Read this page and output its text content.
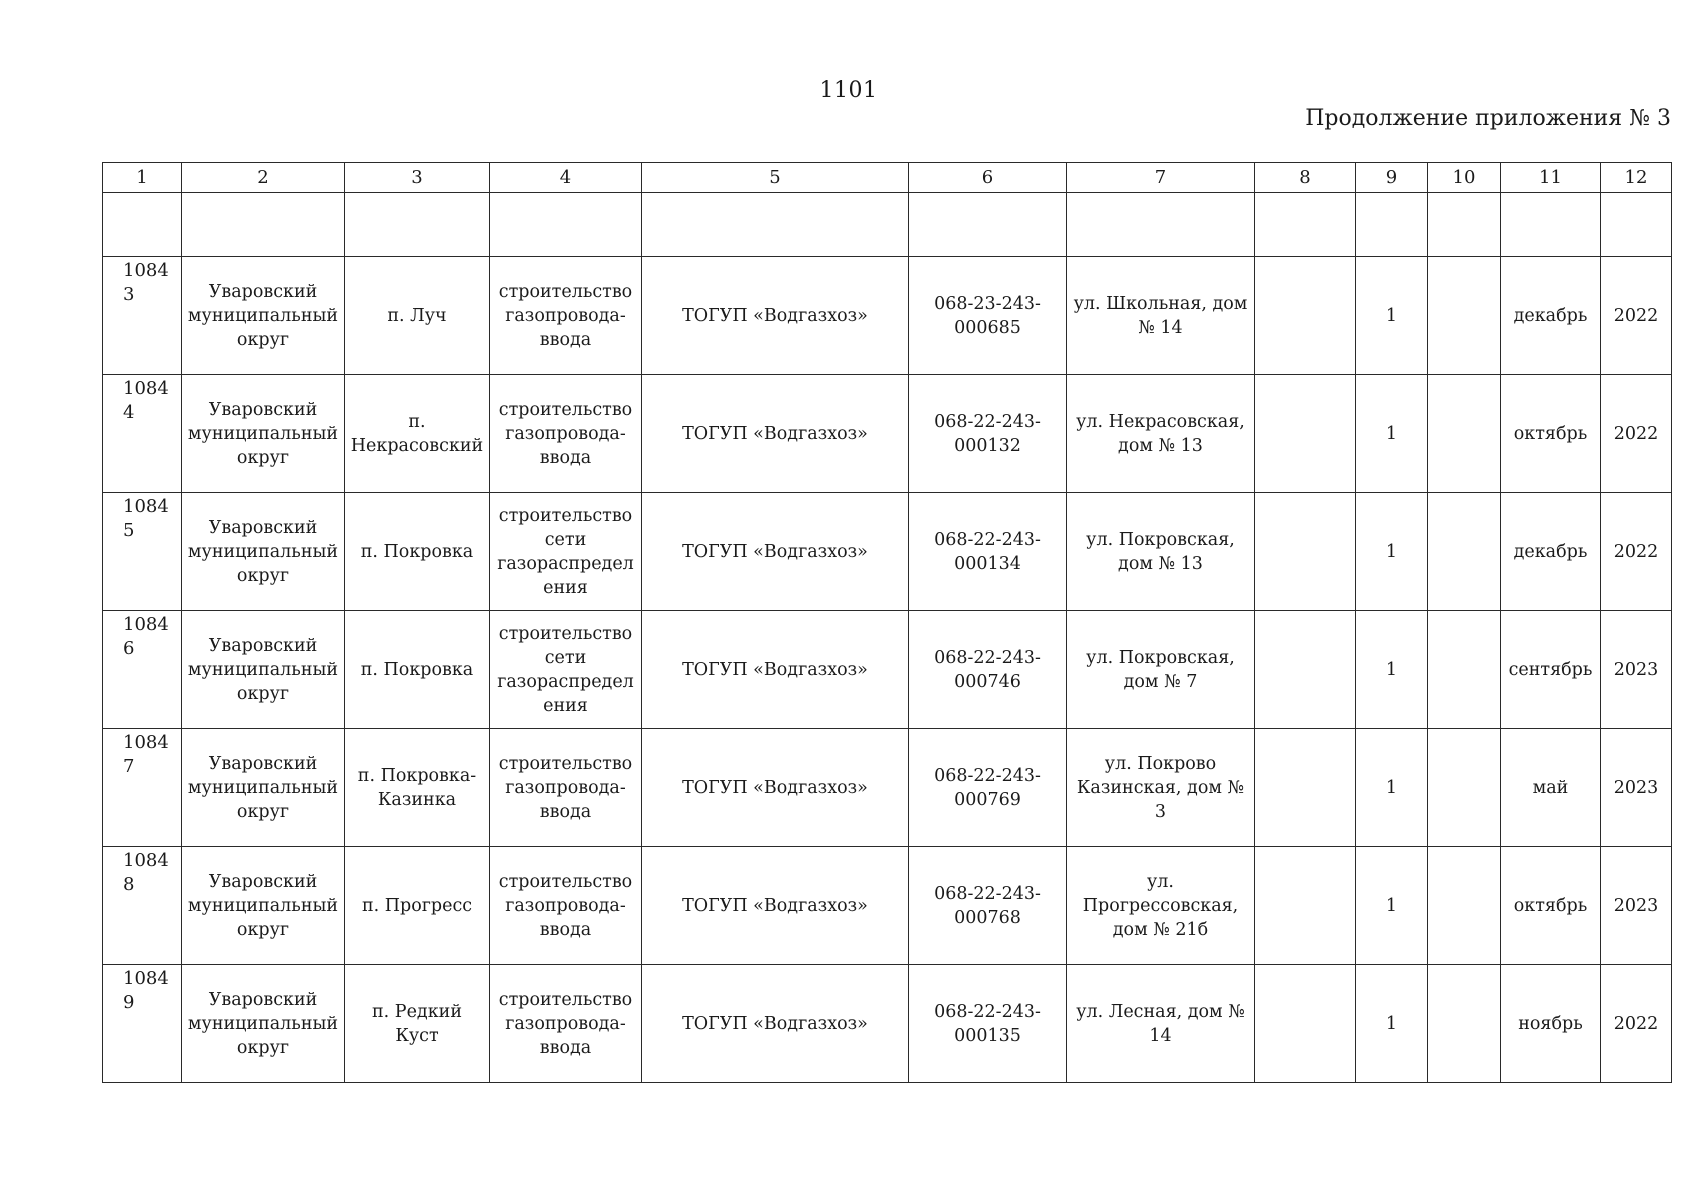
1101
Продолжение приложения № 3
1	2	3	4	5	6	7	8	9	10	11	12

10843	Уваровский муниципальный округ	п. Луч	строительство газопровода-ввода	ТОГУП «Водгазхоз»	068-23-243-000685	ул. Школьная, дом № 14		1		декабрь	2022
10844	Уваровский муниципальный округ	п. Некрасовский	строительство газопровода-ввода	ТОГУП «Водгазхоз»	068-22-243-000132	ул. Некрасовская, дом № 13		1		октябрь	2022
10845	Уваровский муниципальный округ	п. Покровка	строительство сети газораспределения	ТОГУП «Водгазхоз»	068-22-243-000134	ул. Покровская, дом № 13		1		декабрь	2022
10846	Уваровский муниципальный округ	п. Покровка	строительство сети газораспределения	ТОГУП «Водгазхоз»	068-22-243-000746	ул. Покровская, дом № 7		1		сентябрь	2023
10847	Уваровский муниципальный округ	п. Покровка-Казинка	строительство газопровода-ввода	ТОГУП «Водгазхоз»	068-22-243-000769	ул. Покрово Казинская, дом № 3		1		май	2023
10848	Уваровский муниципальный округ	п. Прогресс	строительство газопровода-ввода	ТОГУП «Водгазхоз»	068-22-243-000768	ул. Прогрессовская, дом № 21б		1		октябрь	2023
10849	Уваровский муниципальный округ	п. Редкий Куст	строительство газопровода-ввода	ТОГУП «Водгазхоз»	068-22-243-000135	ул. Лесная, дом № 14		1		ноябрь	2022
